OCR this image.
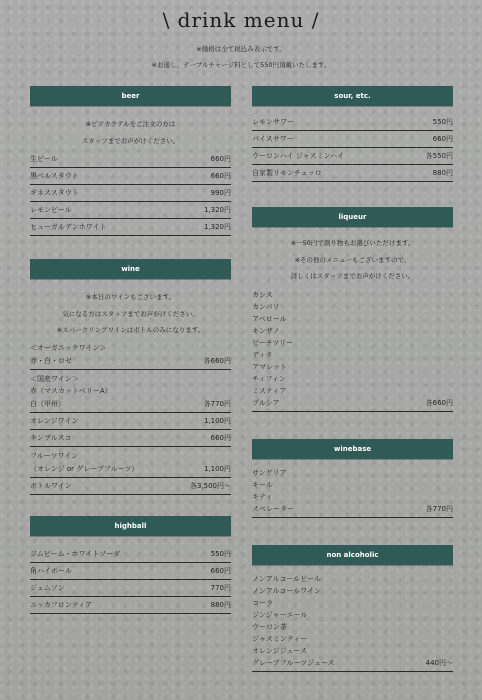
\ drink menu /
※価格は全て税込み表示です。
※お通し、テーブルチャージ料として550円頂戴いたします。
beer
※ビアカクテルをご注文の方は
スタッフまでお声がけください。
生ビール	660円
黒ベルスタウト	660円
ギネススタウト	990円
レモンビール	1,320円
ヒューガルデンホワイト	1,320円
wine
※本日のワインもございます。
気になる方はスタッフまでお声がけください。
※スパークリングワインはボトルのみになります。
＜オーガニックワイン＞
赤・白・ロゼ	各660円
＜国産ワイン＞
赤（マスカットベリーA）
白（甲州）	各770円
オレンジワイン	1,100円
キンブルスコ	660円
フルーツワイン
（オレンジ or グレープフルーツ）	1,100円
ボトルワイン	各3,500円〜
highball
ジムビーム・ホワイトソーダ	550円
角ハイボール	660円
ジェムソン	770円
ニッカフロンティア	880円
sour, etc.
レモンサワー	550円
パイスサワー	660円
ウーロンハイ ジャスミンハイ	各550円
自家製リモンチェッロ	880円
liqueur
※一50円で割り物もお選びいただけます。
※その他のメニューもございますので、
詳しくはスタッフまでお声がけください。
カシス
カンパリ
アペロール
キンザノ
ピーチツリー
ディタ
アマレット
チィフィン
ミスティア
プルシア	各660円
winebase
サングリア
キール
キティ
スペレーター	各770円
non alcoholic
ノンアルコールビール
ノンアルコールワイン
コーラ
ジンジャーエール
ウーロン茶
ジャスミンティー
オレンジジュース
グレープフルーツジュース	440円〜
